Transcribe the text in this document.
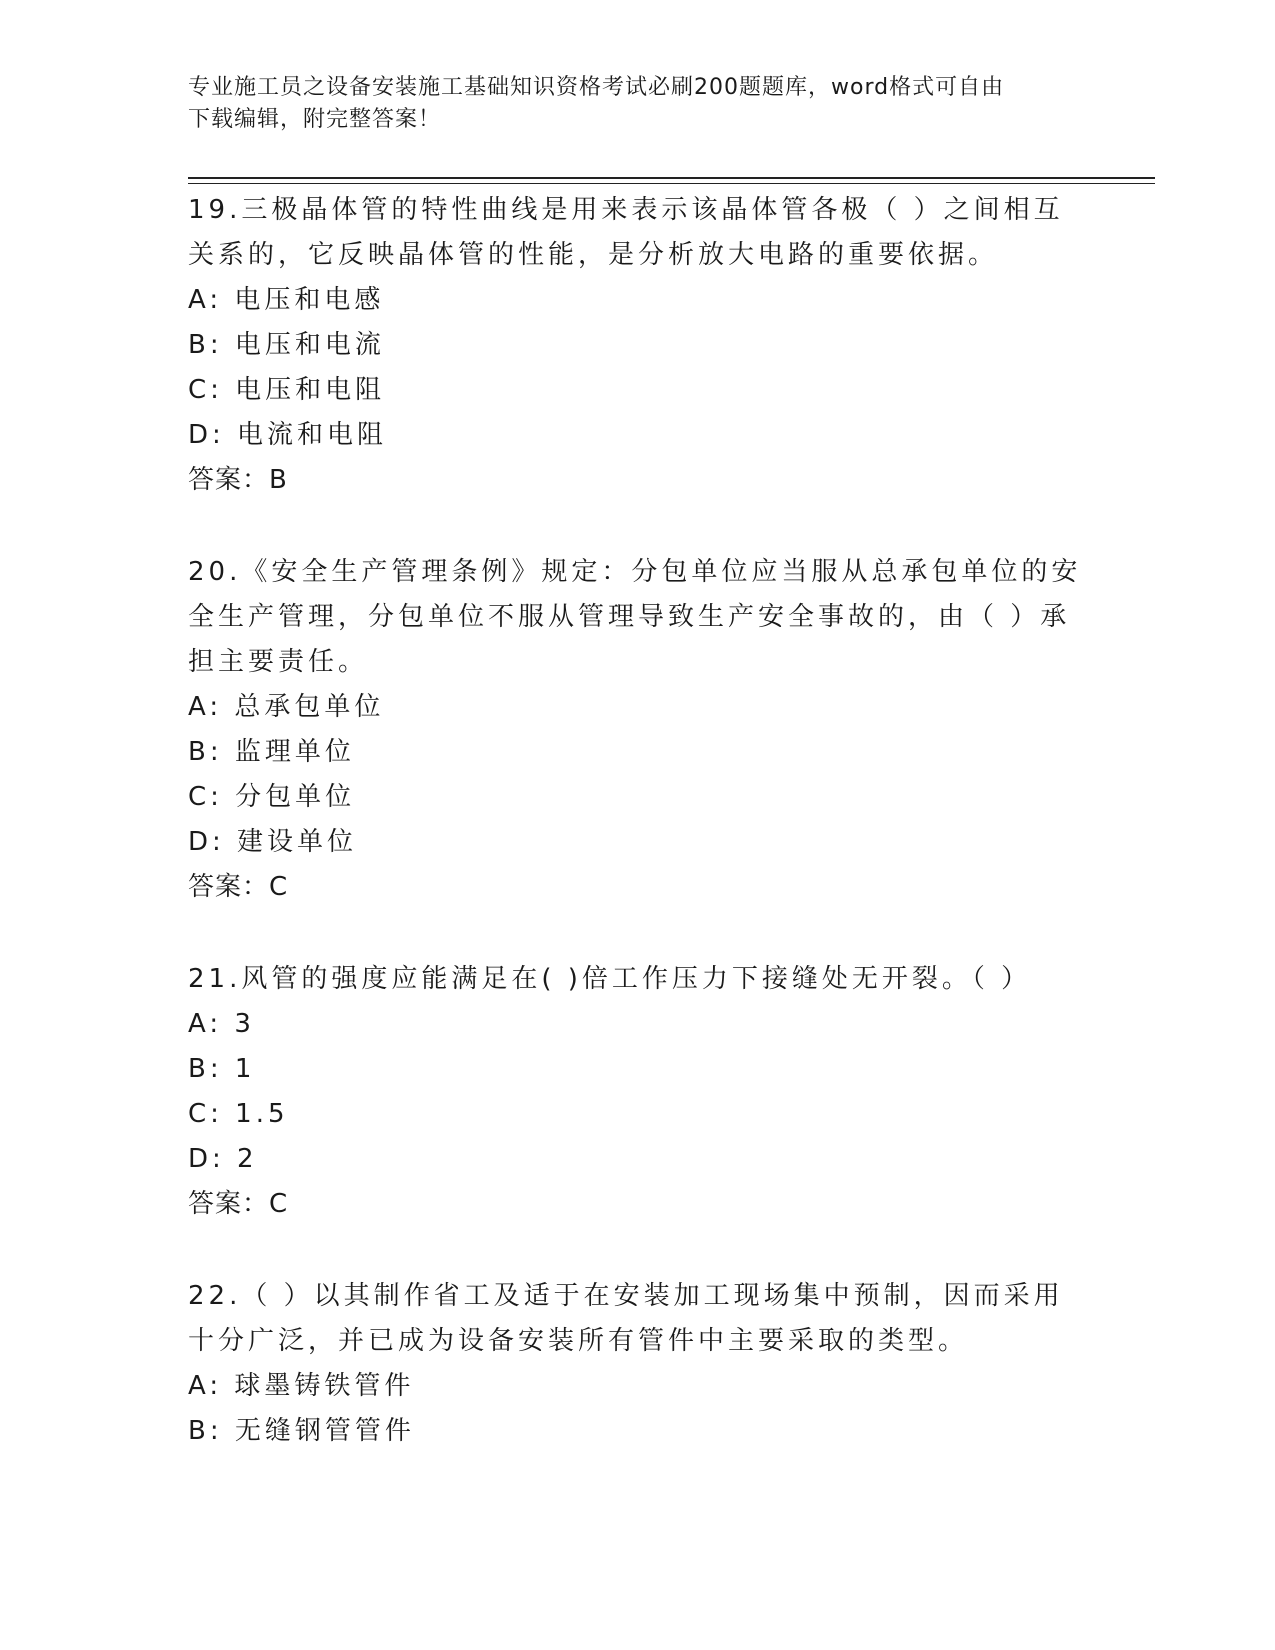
专业施工员之设备安装施工基础知识资格考试必刷200题题库，word格式可自由
下载编辑，附完整答案！

19.三极晶体管的特性曲线是用来表示该晶体管各极（ ）之间相互关系的，它反映晶体管的性能，是分析放大电路的重要依据。

A: 电压和电感

B: 电压和电流

C: 电压和电阻

D: 电流和电阻

答案：B

20.《安全生产管理条例》规定：分包单位应当服从总承包单位的安全生产管理，分包单位不服从管理导致生产安全事故的，由（ ）承担主要责任。

A: 总承包单位

B: 监理单位

C: 分包单位

D: 建设单位

答案：C

21.风管的强度应能满足在( )倍工作压力下接缝处无开裂。（ ）

A: 3

B: 1

C: 1.5

D: 2

答案：C

22.（ ）以其制作省工及适于在安装加工现场集中预制，因而采用十分广泛，并已成为设备安装所有管件中主要采取的类型。

A: 球墨铸铁管件

B: 无缝钢管管件
